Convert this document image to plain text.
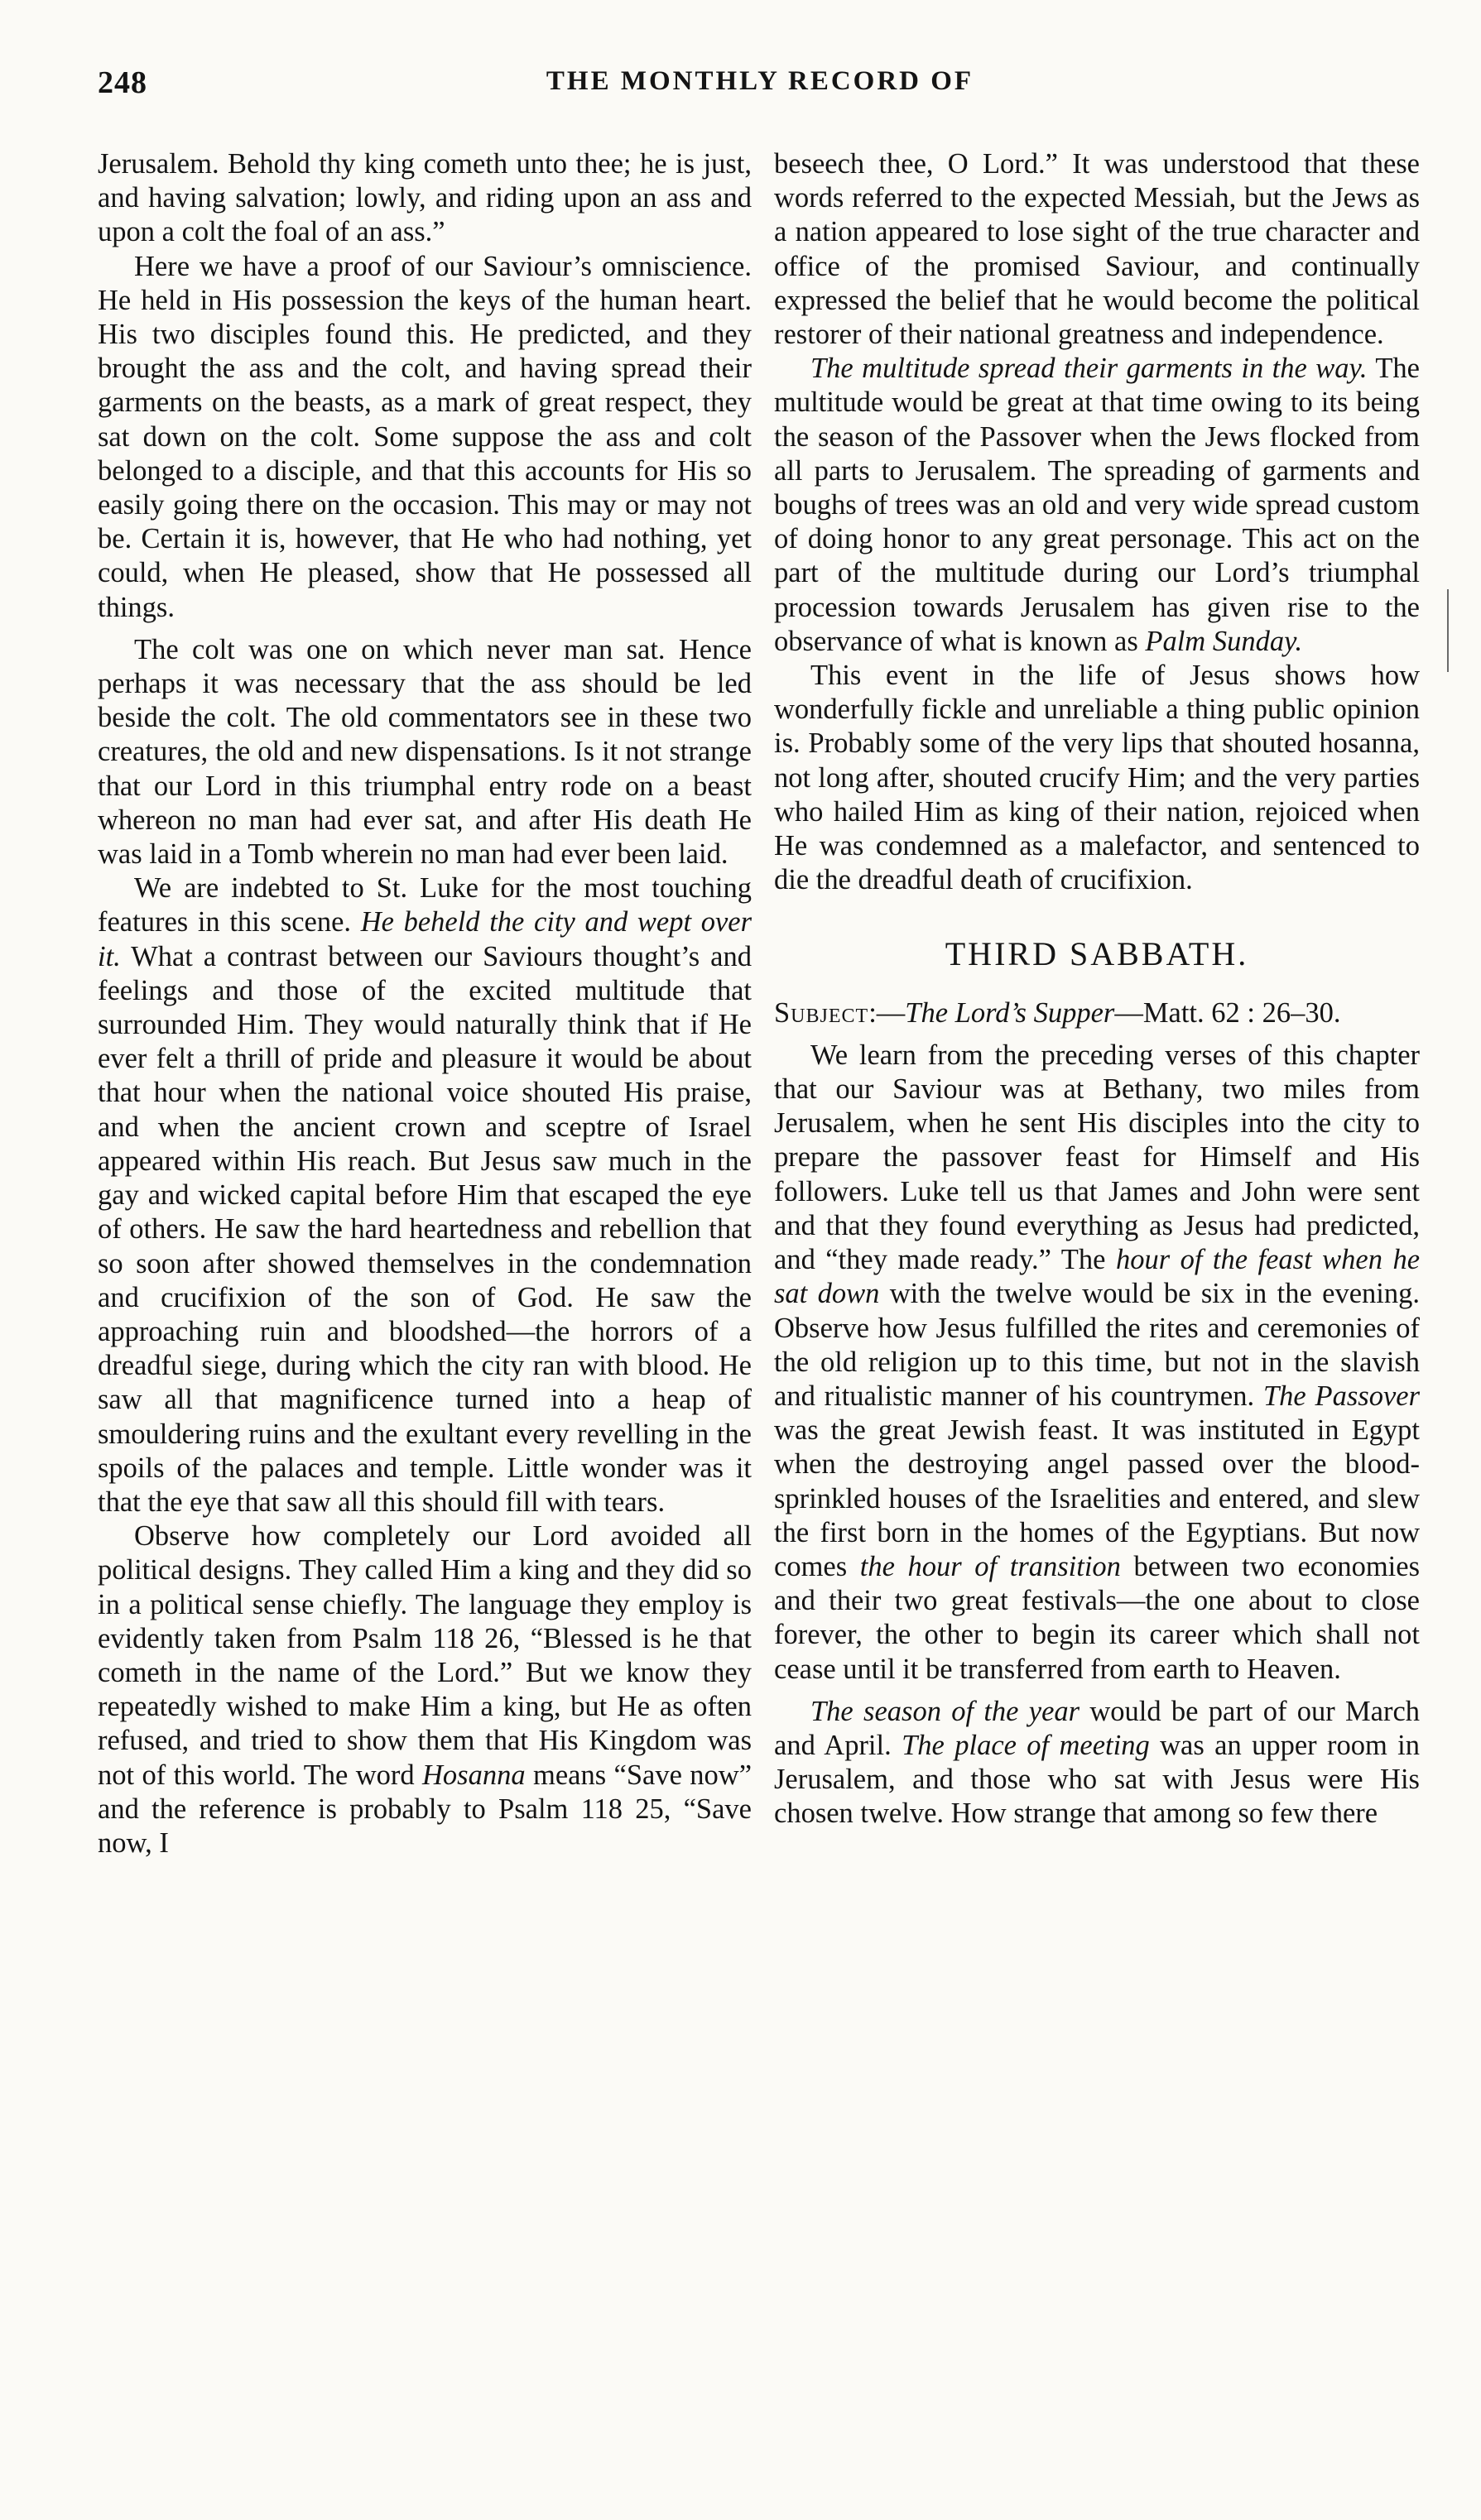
248	THE MONTHLY RECORD OF

Jerusalem. Behold thy king cometh unto thee; he is just, and having salvation; lowly, and riding upon an ass and upon a colt the foal of an ass.”

Here we have a proof of our Saviour’s omniscience. He held in His possession the keys of the human heart. His two disciples found this. He predicted, and they brought the ass and the colt, and having spread their garments on the beasts, as a mark of great respect, they sat down on the colt. Some suppose the ass and colt belonged to a disciple, and that this accounts for His so easily going there on the occasion. This may or may not be. Certain it is, however, that He who had nothing, yet could, when He pleased, show that He possessed all things.

The colt was one on which never man sat. Hence perhaps it was necessary that the ass should be led beside the colt. The old commentators see in these two creatures, the old and new dispensations. Is it not strange that our Lord in this triumphal entry rode on a beast whereon no man had ever sat, and after His death He was laid in a Tomb wherein no man had ever been laid.

We are indebted to St. Luke for the most touching features in this scene. He beheld the city and wept over it. What a contrast between our Saviours thought’s and feelings and those of the excited multitude that surrounded Him. They would naturally think that if He ever felt a thrill of pride and pleasure it would be about that hour when the national voice shouted His praise, and when the ancient crown and sceptre of Israel appeared within His reach. But Jesus saw much in the gay and wicked capital before Him that escaped the eye of others. He saw the hard heartedness and rebellion that so soon after showed themselves in the condemnation and crucifixion of the son of God. He saw the approaching ruin and bloodshed—the horrors of a dreadful siege, during which the city ran with blood. He saw all that magnificence turned into a heap of smouldering ruins and the exultant every revelling in the spoils of the palaces and temple. Little wonder was it that the eye that saw all this should fill with tears.

Observe how completely our Lord avoided all political designs. They called Him a king and they did so in a political sense chiefly. The language they employ is evidently taken from Psalm 118 26, “Blessed is he that cometh in the name of the Lord.” But we know they repeatedly wished to make Him a king, but He as often refused, and tried to show them that His Kingdom was not of this world. The word Hosanna means “Save now” and the reference is probably to Psalm 118 25, “Save now, I

beseech thee, O Lord.” It was understood that these words referred to the expected Messiah, but the Jews as a nation appeared to lose sight of the true character and office of the promised Saviour, and continually expressed the belief that he would become the political restorer of their national greatness and independence.

The multitude spread their garments in the way. The multitude would be great at that time owing to its being the season of the Passover when the Jews flocked from all parts to Jerusalem. The spreading of garments and boughs of trees was an old and very wide spread custom of doing honor to any great personage. This act on the part of the multitude during our Lord’s triumphal procession towards Jerusalem has given rise to the observance of what is known as Palm Sunday.

This event in the life of Jesus shows how wonderfully fickle and unreliable a thing public opinion is. Probably some of the very lips that shouted hosanna, not long after, shouted crucify Him; and the very parties who hailed Him as king of their nation, rejoiced when He was condemned as a malefactor, and sentenced to die the dreadful death of crucifixion.

THIRD SABBATH.

Subject:—The Lord’s Supper—Matt. 62 : 26–30.

We learn from the preceding verses of this chapter that our Saviour was at Bethany, two miles from Jerusalem, when he sent His disciples into the city to prepare the passover feast for Himself and His followers. Luke tell us that James and John were sent and that they found everything as Jesus had predicted, and “they made ready.” The hour of the feast when he sat down with the twelve would be six in the evening. Observe how Jesus fulfilled the rites and ceremonies of the old religion up to this time, but not in the slavish and ritualistic manner of his countrymen. The Passover was the great Jewish feast. It was instituted in Egypt when the destroying angel passed over the blood-sprinkled houses of the Israelities and entered, and slew the first born in the homes of the Egyptians. But now comes the hour of transition between two economies and their two great festivals—the one about to close forever, the other to begin its career which shall not cease until it be transferred from earth to Heaven.

The season of the year would be part of our March and April. The place of meeting was an upper room in Jerusalem, and those who sat with Jesus were His chosen twelve. How strange that among so few there
